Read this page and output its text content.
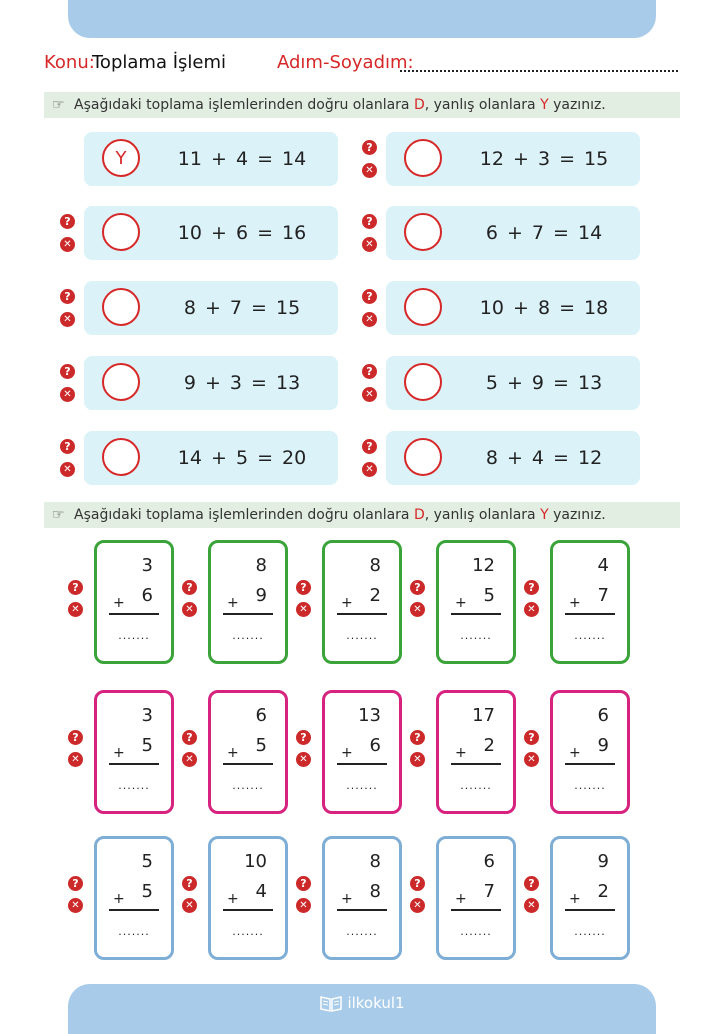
Konu:
Toplama İşlemi	Adım-Soyadım:
☞ Aşağıdaki toplama işlemlerinden doğru olanlara D, yanlış olanlara Y yazınız.
Y	11 + 4 = 14
?
✕
12 + 3 = 15
?
✕
10 + 6 = 16
?
✕
6 + 7 = 14
?
✕
8 + 7 = 15
?
✕
10 + 8 = 18
?
✕
9 + 3 = 13
?
✕
5 + 9 = 13
?
✕
14 + 5 = 20
?
✕
8 + 4 = 12
☞ Aşağıdaki toplama işlemlerinden doğru olanlara D, yanlış olanlara Y yazınız.
?
✕
3
+ 6
.......
?
✕
8
+ 9
.......
?
✕
8
+ 2
.......
?
✕
12
+ 5
.......
?
✕
4
+ 7
.......
?
✕
3
+ 5
.......
?
✕
6
+ 5
.......
?
✕
13
+ 6
.......
?
✕
17
+ 2
.......
?
✕
6
+ 9
.......
?
✕
5
+ 5
.......
?
✕
10
+ 4
.......
?
✕
8
+ 8
.......
?
✕
6
+ 7
.......
?
✕
9
+ 2
.......
ilkokul1
